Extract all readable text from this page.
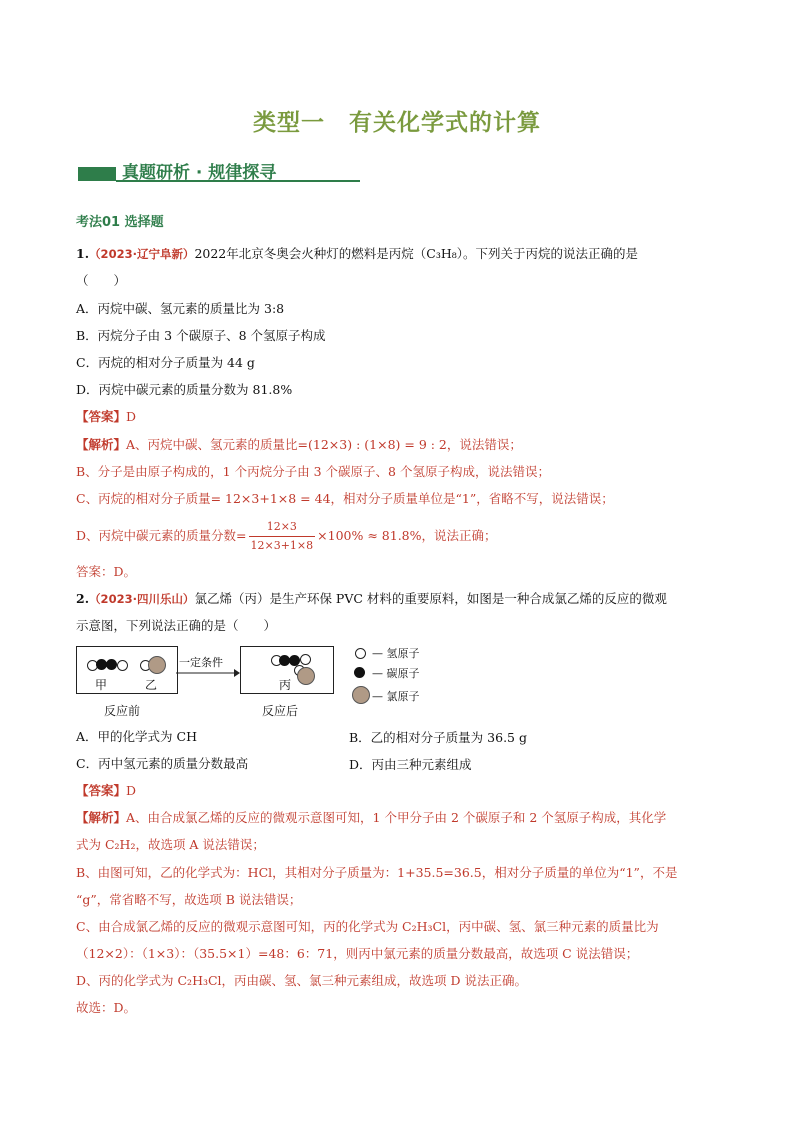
类型一　有关化学式的计算
真题研析 · 规律探寻
考法01 选择题
1.（2023·辽宁阜新）2022年北京冬奥会火种灯的燃料是丙烷（C₃H₈）。下列关于丙烷的说法正确的是
（　　）
A．丙烷中碳、氢元素的质量比为 3:8
B．丙烷分子由 3 个碳原子、8 个氢原子构成
C．丙烷的相对分子质量为 44 g
D．丙烷中碳元素的质量分数为 81.8%
【答案】D
【解析】A、丙烷中碳、氢元素的质量比=(12×3) : (1×8) = 9 : 2，说法错误；
B、分子是由原子构成的，1 个丙烷分子由 3 个碳原子、8 个氢原子构成，说法错误；
C、丙烷的相对分子质量= 12×3+1×8 = 44，相对分子质量单位是“1”，省略不写，说法错误；
D、丙烷中碳元素的质量分数= $\frac{12\times 3}{12\times 3+1\times 8} \times 100\% \approx 81.8\%$，说法正确；
答案：D。
2.（2023·四川乐山）氯乙烯（丙）是生产环保 PVC 材料的重要原料，如图是一种合成氯乙烯的反应的微观
示意图，下列说法正确的是（　　）
甲	乙
一定条件
丙
反应前	反应后
— 氢原子
— 碳原子
— 氯原子
A．甲的化学式为 CH	B．乙的相对分子质量为 36.5 g
C．丙中氢元素的质量分数最高	D．丙由三种元素组成
【答案】D
【解析】A、由合成氯乙烯的反应的微观示意图可知，1 个甲分子由 2 个碳原子和 2 个氢原子构成，其化学
式为 C₂H₂，故选项 A 说法错误；
B、由图可知，乙的化学式为：HCl，其相对分子质量为：1+35.5=36.5，相对分子质量的单位为“1”，不是
“g”，常省略不写，故选项 B 说法错误；
C、由合成氯乙烯的反应的微观示意图可知，丙的化学式为 C₂H₃Cl，丙中碳、氢、氯三种元素的质量比为
（12×2）：（1×3）：（35.5×1）=48：6：71，则丙中氯元素的质量分数最高，故选项 C 说法错误；
D、丙的化学式为 C₂H₃Cl，丙由碳、氢、氯三种元素组成，故选项 D 说法正确。
故选：D。
